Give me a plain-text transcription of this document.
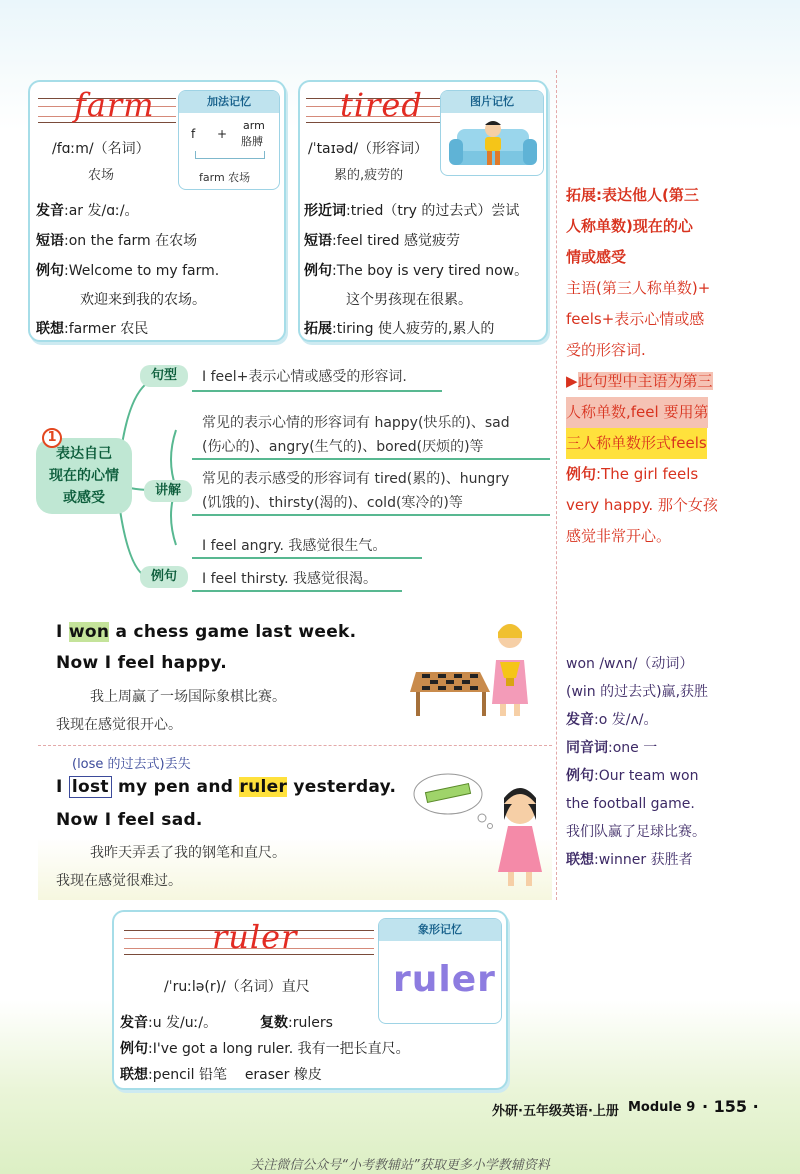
farm	加法记忆
f +
arm
胳膊
farm 农场
/fɑːm/（名词）
农场
发音:ar 发/ɑː/。
短语:on the farm 在农场
例句:Welcome to my farm.
欢迎来到我的农场。
联想:farmer 农民
tired	图片记忆
/ˈtaɪəd/（形容词）
累的,疲劳的
形近词:tried（try 的过去式）尝试
短语:feel tired 感觉疲劳
例句:The boy is very tired now。
这个男孩现在很累。
拓展:tiring 使人疲劳的,累人的
拓展:表达他人(第三
人称单数)现在的心
情或感受
主语(第三人称单数)+
feels+表示心情或感
受的形容词.
▶此句型中主语为第三
人称单数,feel 要用第 三人称单数形式feels
例句:The girl feels
very happy. 那个女孩
感觉非常开心。
won /wʌn/（动词）
(win 的过去式)赢,获胜
发音:o 发/ʌ/。
同音词:one 一
例句:Our team won
the football game.
我们队赢了足球比赛。
联想:winner 获胜者
表达自己
现在的心情
或感受
1
句型	I feel+表示心情或感受的形容词.
讲解
常见的表示心情的形容词有 happy(快乐的)、sad
(伤心的)、angry(生气的)、bored(厌烦的)等
常见的表示感受的形容词有 tired(累的)、hungry
(饥饿的)、thirsty(渴的)、cold(寒冷的)等
例句
I feel angry. 我感觉很生气。
I feel thirsty. 我感觉很渴。
I won a chess game last week.
Now I feel happy.
我上周赢了一场国际象棋比赛。
我现在感觉很开心。
(lose 的过去式)丢失
I lost my pen and ruler yesterday.
Now I feel sad.
我昨天弄丢了我的钢笔和直尺。
我现在感觉很难过。
ruler	象形记忆
ruler
/ˈruːlə(r)/（名词）直尺
发音:u 发/uː/。	复数:rulers
例句:I've got a long ruler. 我有一把长直尺。
联想:pencil 铅笔    eraser 橡皮
外研·五年级英语·上册 Module 9 · 155 ·
关注微信公众号“小考教辅站”获取更多小学教辅资料
